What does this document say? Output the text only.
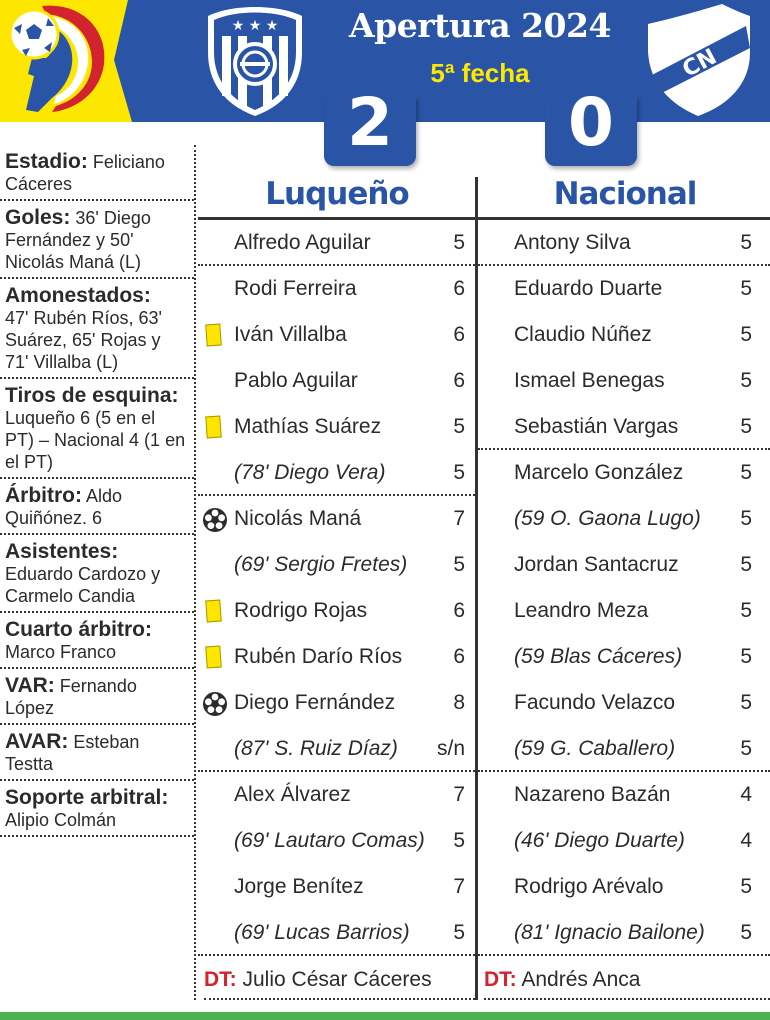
★ ★ ★	Apertura 2024
5ª fecha	CN
2	0
Estadio: Feliciano Cáceres
Goles: 36' Diego Fernández y 50' Nicolás Maná (L)
Amonestados:
47' Rubén Ríos, 63' Suárez, 65' Rojas y 71' Villalba (L)
Tiros de esquina:
Luqueño 6 (5 en el PT) – Nacional 4 (1 en el PT)
Árbitro: Aldo Quiñónez. 6
Asistentes:
Eduardo Cardozo y Carmelo Candia
Cuarto árbitro:
Marco Franco
VAR: Fernando López
AVAR: Esteban Testta
Soporte arbitral: Alipio Colmán
Luqueño	Nacional
Alfredo Aguilar	5
Rodi Ferreira	6
Iván Villalba	6
Pablo Aguilar	6
Mathías Suárez	5
(78' Diego Vera)	5
Nicolás Maná	7
(69' Sergio Fretes) 5
Rodrigo Rojas	6
Rubén Darío Ríos 6
Diego Fernández	8
(87' S. Ruiz Díaz) s/n
Alex Álvarez	7
(69' Lautaro Comas) 5
Jorge Benítez	7
(69' Lucas Barrios) 5
Antony Silva	5
Eduardo Duarte	5
Claudio Núñez	5
Ismael Benegas	5
Sebastián Vargas	5
Marcelo González	5
(59 O. Gaona Lugo) 5
Jordan Santacruz	5
Leandro Meza	5
(59 Blas Cáceres)	5
Facundo Velazco	5
(59 G. Caballero)	5
Nazareno Bazán	4
(46' Diego Duarte)	4
Rodrigo Arévalo	5
(81' Ignacio Bailone) 5
DT: Julio César Cáceres	DT: Andrés Anca
